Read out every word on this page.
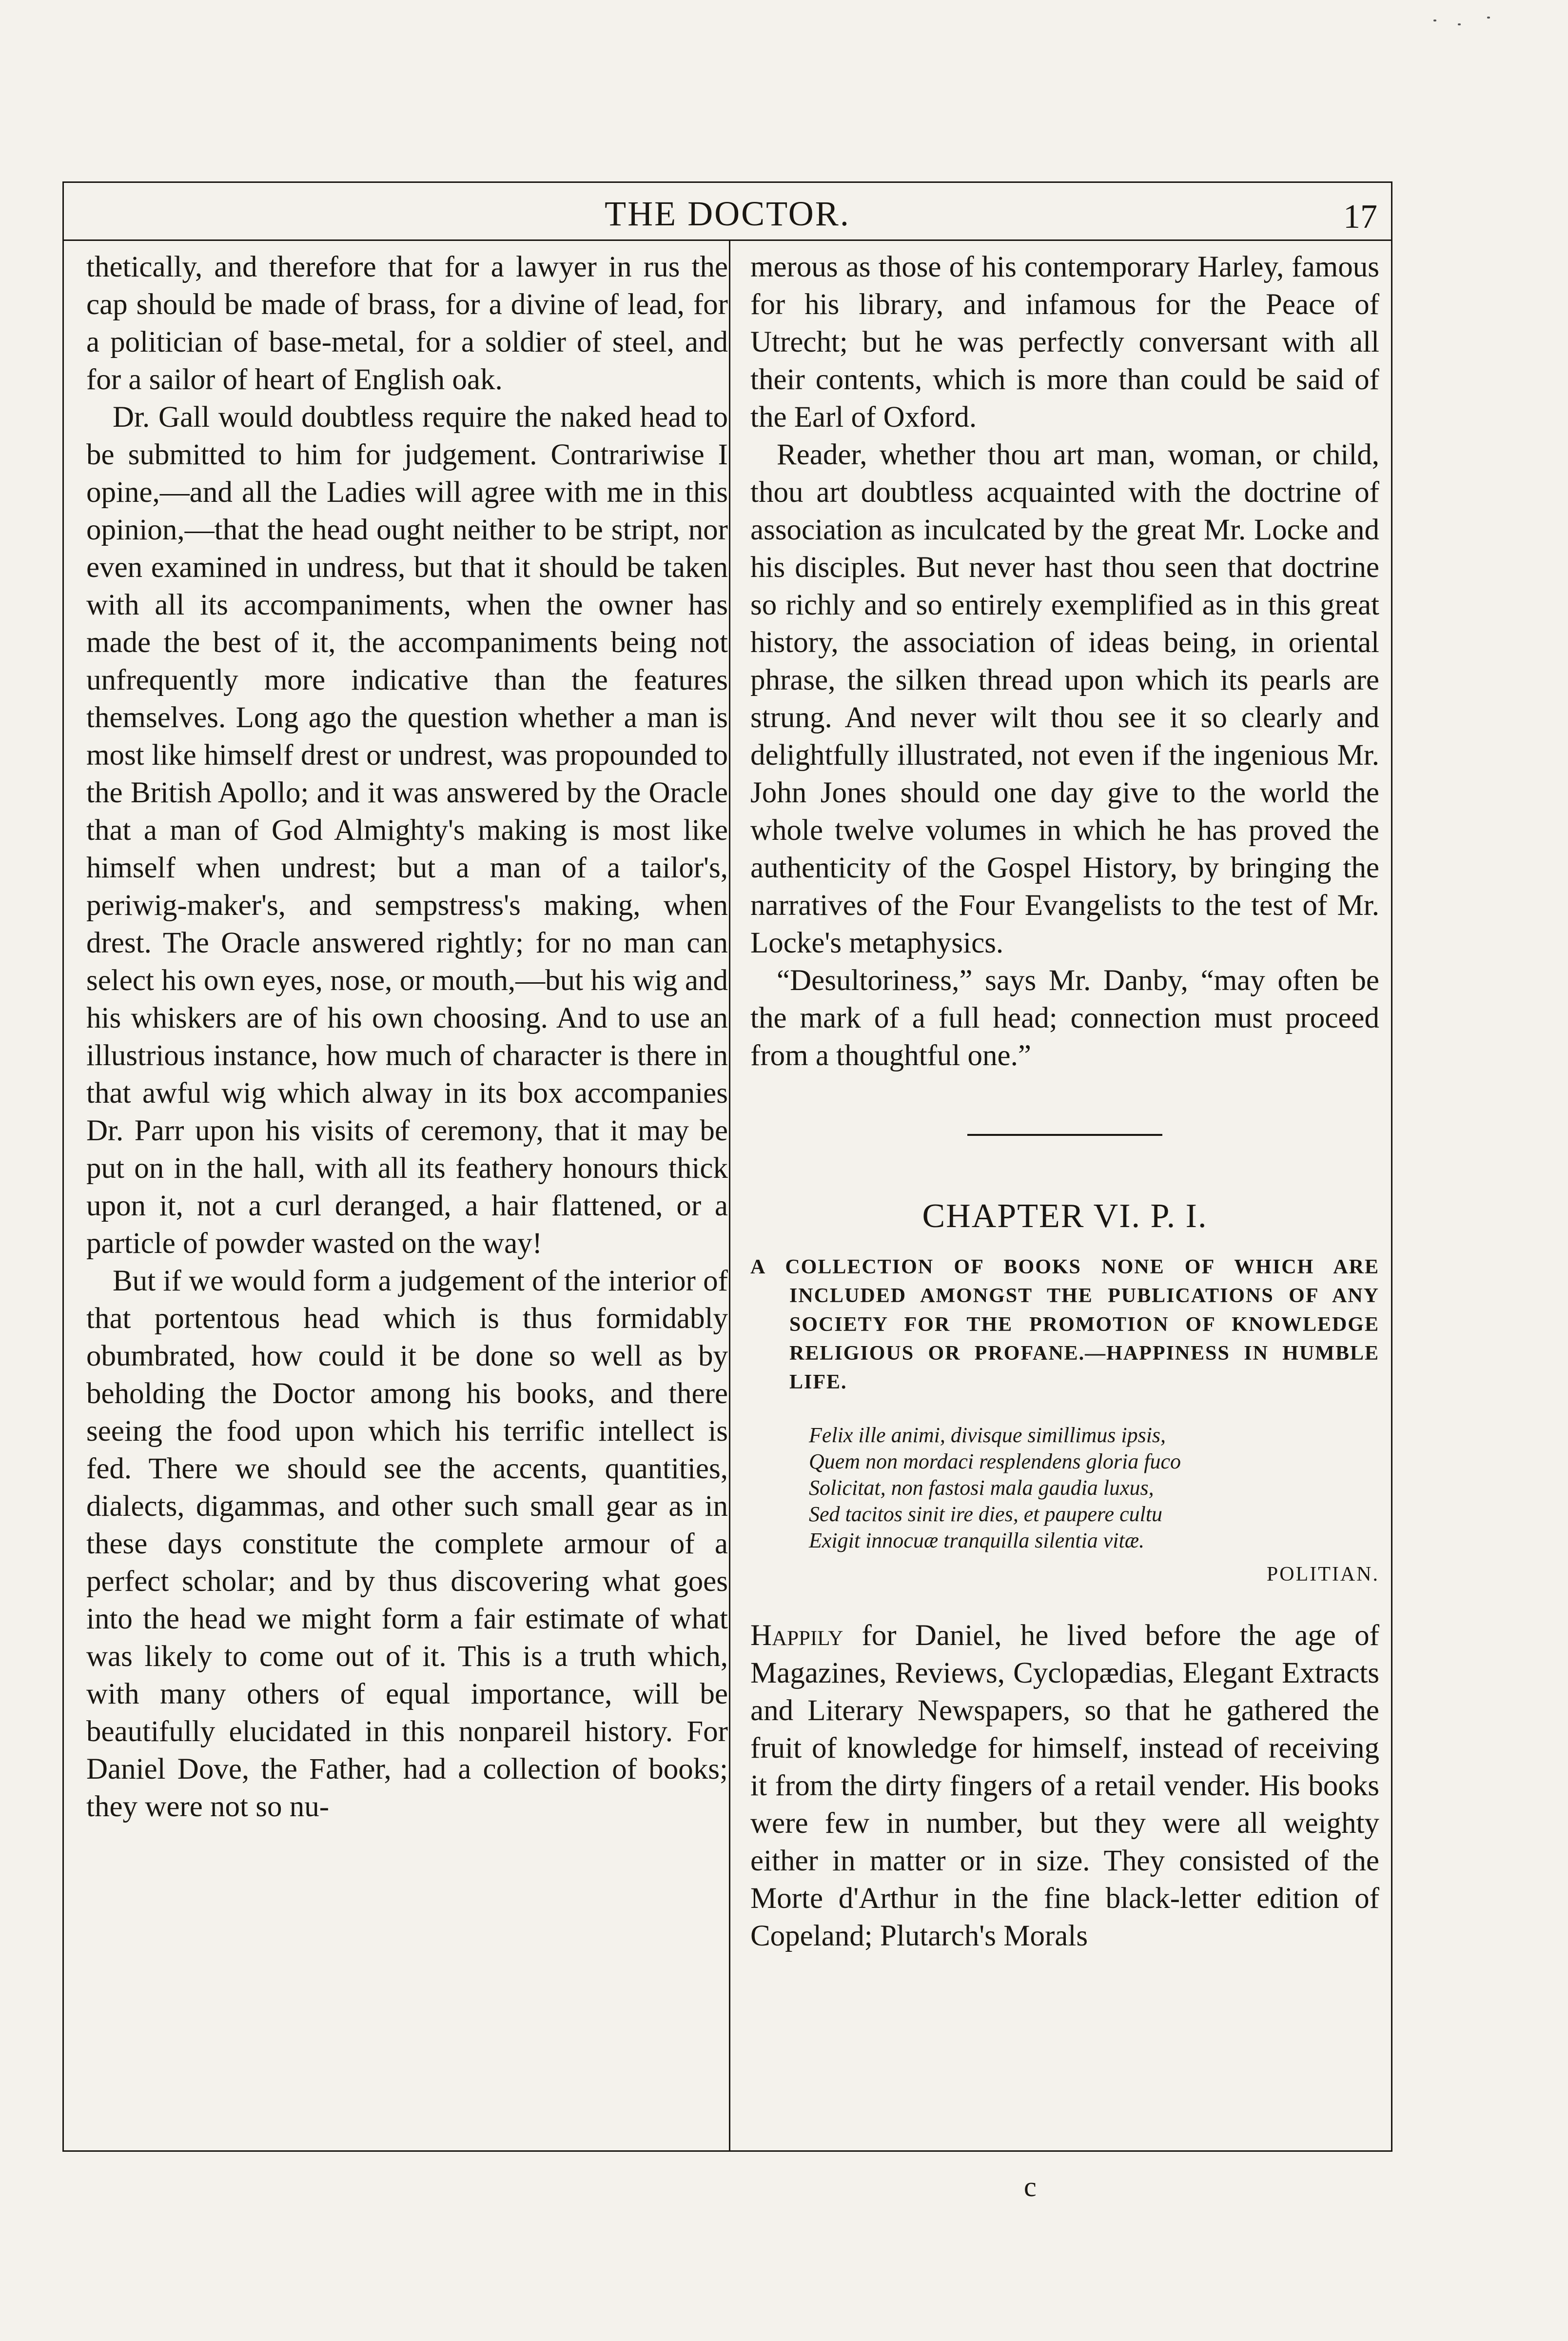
THE DOCTOR.	17

thetically, and therefore that for a lawyer in rus the cap should be made of brass, for a divine of lead, for a politician of base-metal, for a soldier of steel, and for a sailor of heart of English oak.

Dr. Gall would doubtless require the naked head to be submitted to him for judgement. Contrariwise I opine,—and all the Ladies will agree with me in this opinion,—that the head ought neither to be stript, nor even examined in undress, but that it should be taken with all its accompaniments, when the owner has made the best of it, the accompaniments being not unfrequently more indicative than the features themselves. Long ago the question whether a man is most like himself drest or undrest, was propounded to the British Apollo; and it was answered by the Oracle that a man of God Almighty's making is most like himself when undrest; but a man of a tailor's, periwig-maker's, and sempstress's making, when drest. The Oracle answered rightly; for no man can select his own eyes, nose, or mouth,—but his wig and his whiskers are of his own choosing. And to use an illustrious instance, how much of character is there in that awful wig which alway in its box accompanies Dr. Parr upon his visits of ceremony, that it may be put on in the hall, with all its feathery honours thick upon it, not a curl deranged, a hair flattened, or a particle of powder wasted on the way!

But if we would form a judgement of the interior of that portentous head which is thus formidably obumbrated, how could it be done so well as by beholding the Doctor among his books, and there seeing the food upon which his terrific intellect is fed. There we should see the accents, quantities, dialects, digammas, and other such small gear as in these days constitute the complete armour of a perfect scholar; and by thus discovering what goes into the head we might form a fair estimate of what was likely to come out of it. This is a truth which, with many others of equal importance, will be beautifully elucidated in this nonpareil history. For Daniel Dove, the Father, had a collection of books; they were not so nu-

merous as those of his contemporary Harley, famous for his library, and infamous for the Peace of Utrecht; but he was perfectly conversant with all their contents, which is more than could be said of the Earl of Oxford.

Reader, whether thou art man, woman, or child, thou art doubtless acquainted with the doctrine of association as inculcated by the great Mr. Locke and his disciples. But never hast thou seen that doctrine so richly and so entirely exemplified as in this great history, the association of ideas being, in oriental phrase, the silken thread upon which its pearls are strung. And never wilt thou see it so clearly and delightfully illustrated, not even if the ingenious Mr. John Jones should one day give to the world the whole twelve volumes in which he has proved the authenticity of the Gospel History, by bringing the narratives of the Four Evangelists to the test of Mr. Locke's metaphysics.

“Desultoriness,” says Mr. Danby, “may often be the mark of a full head; connection must proceed from a thoughtful one.”

CHAPTER VI. P. I.
A COLLECTION OF BOOKS NONE OF WHICH ARE INCLUDED AMONGST THE PUBLICATIONS OF ANY SOCIETY FOR THE PROMOTION OF KNOWLEDGE RELIGIOUS OR PROFANE.—HAPPINESS IN HUMBLE LIFE.
Felix ille animi, divisque simillimus ipsis,
Quem non mordaci resplendens gloria fuco
Solicitat, non fastosi mala gaudia luxus,
Sed tacitos sinit ire dies, et paupere cultu
Exigit innocuæ tranquilla silentia vitæ.
POLITIAN.

Happily for Daniel, he lived before the age of Magazines, Reviews, Cyclopædias, Elegant Extracts and Literary Newspapers, so that he gathered the fruit of knowledge for himself, instead of receiving it from the dirty fingers of a retail vender. His books were few in number, but they were all weighty either in matter or in size. They consisted of the Morte d'Arthur in the fine black-letter edition of Copeland; Plutarch's Morals

c
